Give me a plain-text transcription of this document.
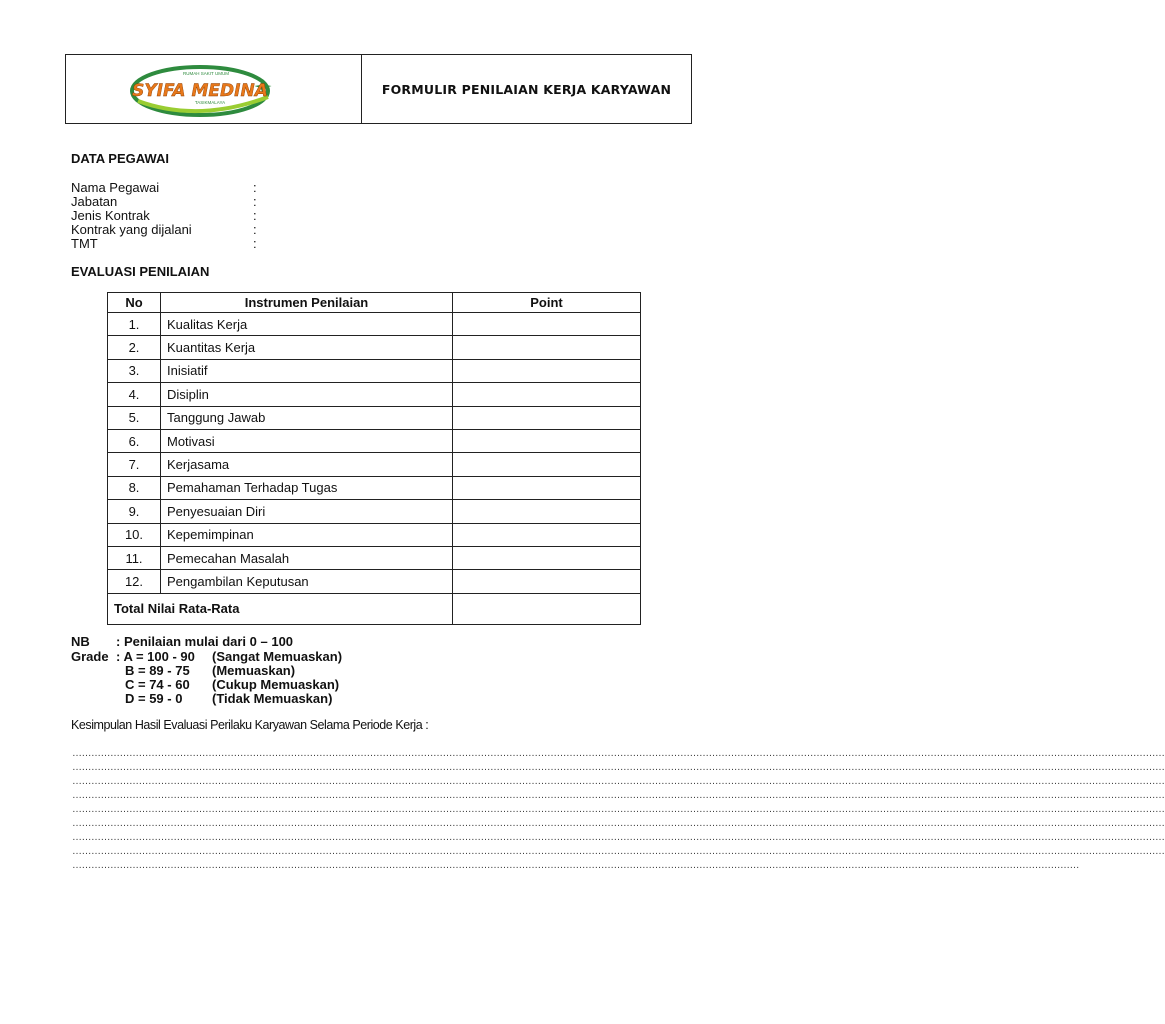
RUMAH SAKIT UMUM
SYIFA MEDINA
TASIKMALAYA
FORMULIR PENILAIAN KERJA KARYAWAN
DATA PEGAWAI
Nama Pegawai	:
Jabatan	:
Jenis Kontrak	:
Kontrak yang dijalani	:
TMT	:
EVALUASI PENILAIAN
No	Instrumen Penilaian	Point
1.	Kualitas Kerja	
2.	Kuantitas Kerja	
3.	Inisiatif	
4.	Disiplin	
5.	Tanggung Jawab	
6.	Motivasi	
7.	Kerjasama	
8.	Pemahaman Terhadap Tugas	
9.	Penyesuaian Diri	
10.	Kepemimpinan	
11.	Pemecahan Masalah	
12.	Pengambilan Keputusan	
Total Nilai Rata-Rata		
NB : Penilaian mulai dari 0 – 100
Grade : A = 100 - 90 (Sangat Memuaskan)
B = 89 - 75 (Memuaskan)
C = 74 - 60 (Cukup Memuaskan)
D = 59 - 0 (Tidak Memuaskan)
Kesimpulan Hasil Evaluasi Perilaku Karyawan Selama Periode Kerja :
…………………………………………………………………………………………………………………………………………………………………………………………………………………………………………………………………………………………………………………
…………………………………………………………………………………………………………………………………………………………………………………………………………………………………………………………………………………………………………………
…………………………………………………………………………………………………………………………………………………………………………………………………………………………………………………………………………………………………………………
…………………………………………………………………………………………………………………………………………………………………………………………………………………………………………………………………………………………………………………
…………………………………………………………………………………………………………………………………………………………………………………………………………………………………………………………………………………………………………………
…………………………………………………………………………………………………………………………………………………………………………………………………………………………………………………………………………………………………………………
…………………………………………………………………………………………………………………………………………………………………………………………………………………………………………………………………………………………………………………
…………………………………………………………………………………………………………………………………………………………………………………………………………………………………………………………………………………………………………………
…………………………………………………………………………………………………………………………………………………………………………………………………………………………………………………………………………………………
